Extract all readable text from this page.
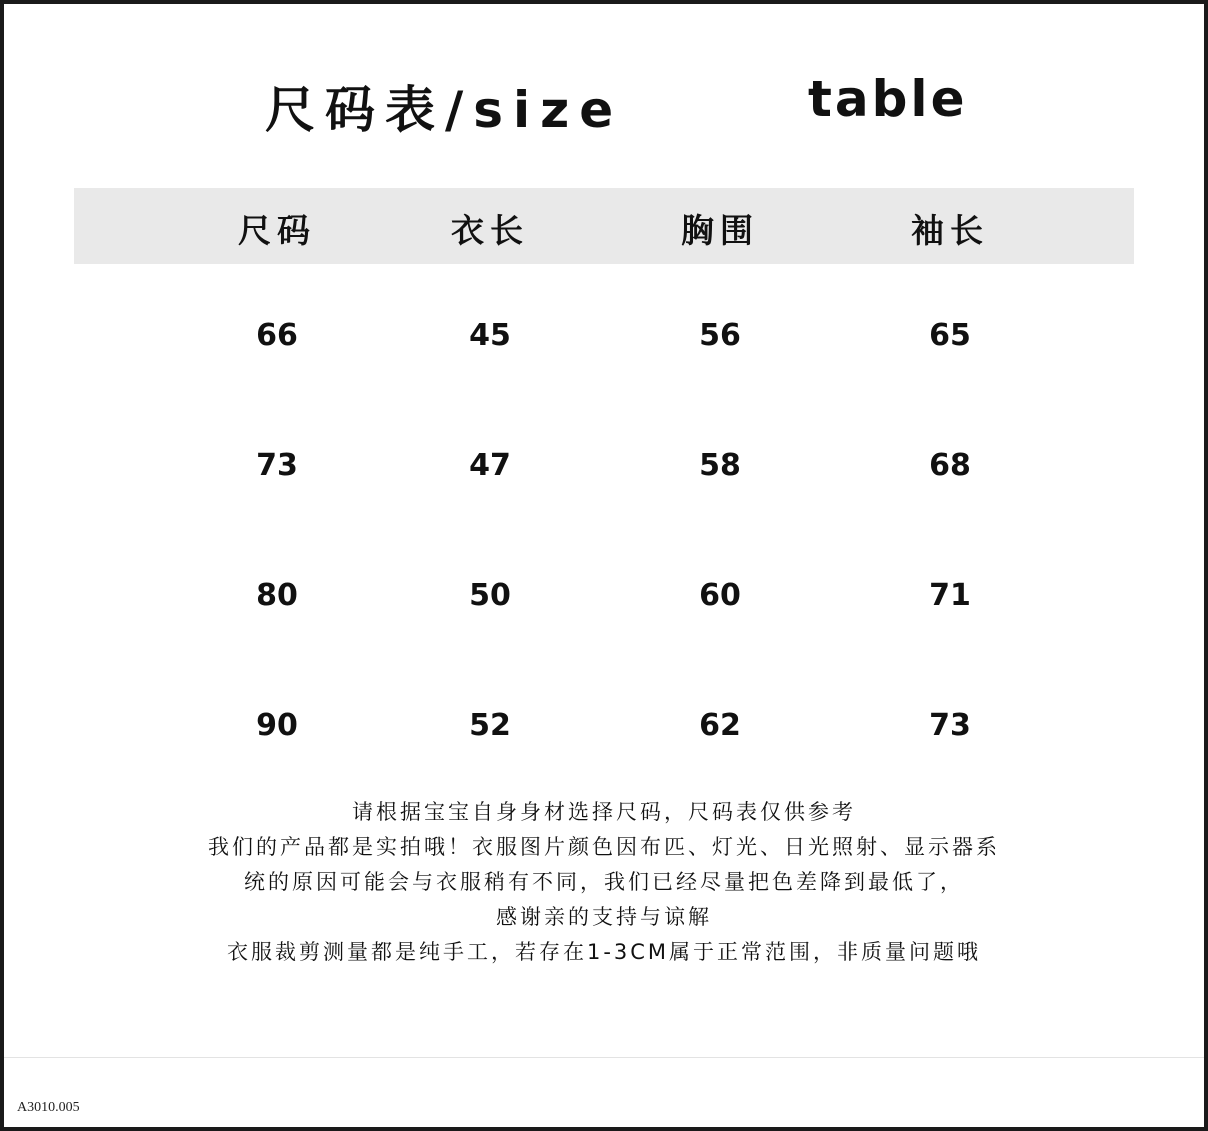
尺码表/size	table
尺码	衣长	胸围	袖长
66	45	56	65
73	47	58	68
80	50	60	71
90	52	62	73
请根据宝宝自身身材选择尺码，尺码表仅供参考
我们的产品都是实拍哦！衣服图片颜色因布匹、灯光、日光照射、显示器系
统的原因可能会与衣服稍有不同，我们已经尽量把色差降到最低了，
感谢亲的支持与谅解
衣服裁剪测量都是纯手工，若存在1-3CM属于正常范围，非质量问题哦
A3010.005
